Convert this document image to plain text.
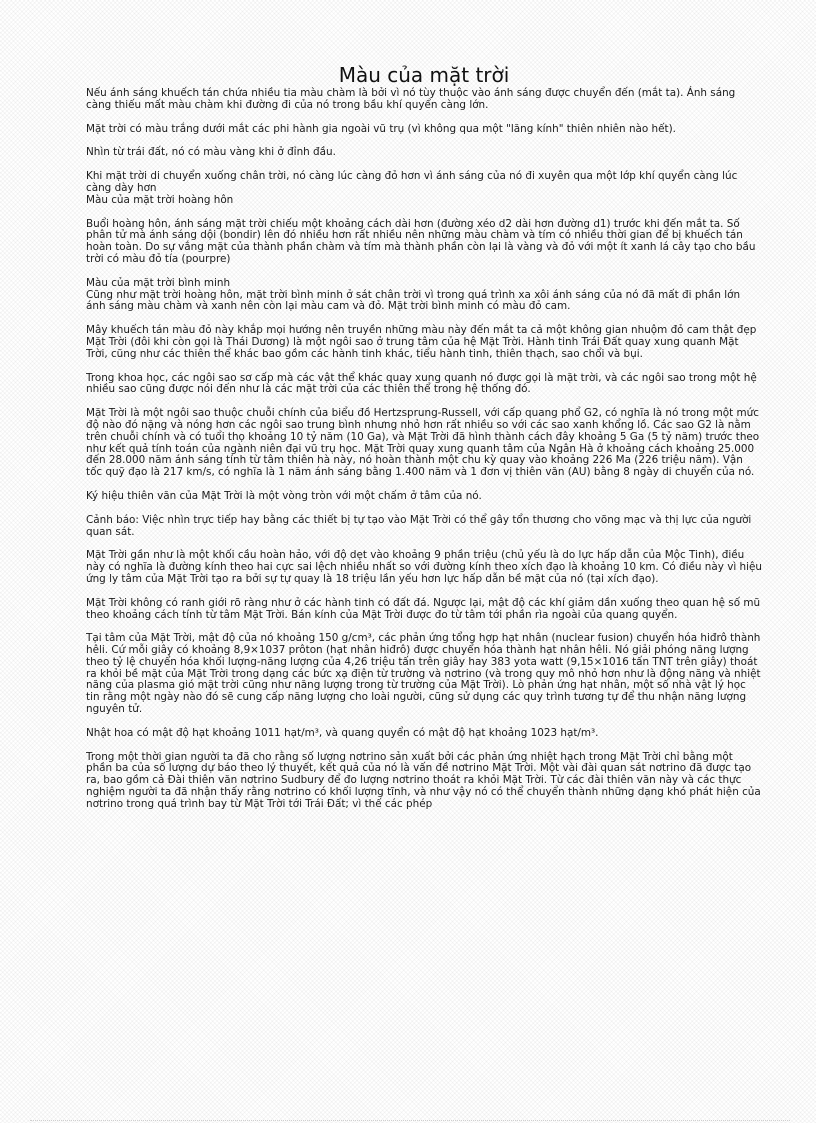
Màu của mặt trời

Nếu ánh sáng khuếch tán chứa nhiều tia màu chàm là bởi vì nó tùy thuộc vào ánh sáng được chuyển đến (mắt ta). Ánh sáng càng thiếu mất màu chàm khi đường đi của nó trong bầu khí quyển càng lớn.

Mặt trời có màu trắng dưới mắt các phi hành gia ngoài vũ trụ (vì không qua một "lăng kính" thiên nhiên nào hết).

Nhìn từ trái đất, nó có màu vàng khi ở đỉnh đầu.

Khi mặt trời di chuyển xuống chân trời, nó càng lúc càng đỏ hơn vì ánh sáng của nó đi xuyên qua một lớp khí quyển càng lúc càng dày hơn

Màu của mặt trời hoàng hôn

Buổi hoàng hôn, ánh sáng mặt trời chiếu một khoảng cách dài hơn (đường xéo d2 dài hơn đường d1) trước khi đến mắt ta. Số phân tử mà ánh sáng dội (bondir) lên đó nhiều hơn rất nhiều nên những màu chàm và tím có nhiều thời gian để bị khuếch tán hoàn toàn. Do sự vắng mặt của thành phần chàm và tím mà thành phần còn lại là vàng và đỏ với một ít xanh lá cây tạo cho bầu trời có màu đỏ tía (pourpre)

Màu của mặt trời bình minh

Cũng như mặt trời hoàng hôn, mặt trời bình minh ở sát chân trời vì trong quá trình xa xôi ánh sáng của nó đã mất đi phần lớn ánh sáng màu chàm và xanh nên còn lại màu cam và đỏ. Mặt trời bình minh có màu đỏ cam.

Mây khuếch tán màu đỏ này khắp mọi hướng nên truyền những màu này đến mắt ta cả một không gian nhuộm đỏ cam thật đẹp

Mặt Trời (đôi khi còn gọi là Thái Dương) là một ngôi sao ở trung tâm của hệ Mặt Trời. Hành tinh Trái Đất quay xung quanh Mặt Trời, cũng như các thiên thể khác bao gồm các hành tinh khác, tiểu hành tinh, thiên thạch, sao chổi và bụi.

Trong khoa học, các ngôi sao sơ cấp mà các vật thể khác quay xung quanh nó được gọi là mặt trời, và các ngôi sao trong một hệ nhiều sao cũng được nói đến như là các mặt trời của các thiên thể trong hệ thống đó.

Mặt Trời là một ngôi sao thuộc chuỗi chính của biểu đồ Hertzsprung-Russell, với cấp quang phổ G2, có nghĩa là nó trong một mức độ nào đó nặng và nóng hơn các ngôi sao trung bình nhưng nhỏ hơn rất nhiều so với các sao xanh khổng lồ. Các sao G2 là nằm trên chuỗi chính và có tuổi thọ khoảng 10 tỷ năm (10 Ga), và Mặt Trời đã hình thành cách đây khoảng 5 Ga (5 tỷ năm) trước theo như kết quả tính toán của ngành niên đại vũ trụ học. Mặt Trời quay xung quanh tâm của Ngân Hà ở khoảng cách khoảng 25.000 đến 28.000 năm ánh sáng tính từ tâm thiên hà này, nó hoàn thành một chu kỳ quay vào khoảng 226 Ma (226 triệu năm). Vận tốc quỹ đạo là 217 km/s, có nghĩa là 1 năm ánh sáng bằng 1.400 năm và 1 đơn vị thiên văn (AU) bằng 8 ngày di chuyển của nó.

Ký hiệu thiên văn của Mặt Trời là một vòng tròn với một chấm ở tâm của nó.

Cảnh báo: Việc nhìn trực tiếp hay bằng các thiết bị tự tạo vào Mặt Trời có thể gây tổn thương cho võng mạc và thị lực của người quan sát.

Mặt Trời gần như là một khối cầu hoàn hảo, với độ dẹt vào khoảng 9 phần triệu (chủ yếu là do lực hấp dẫn của Mộc Tinh), điều này có nghĩa là đường kính theo hai cực sai lệch nhiều nhất so với đường kính theo xích đạo là khoảng 10 km. Có điều này vì hiệu ứng ly tâm của Mặt Trời tạo ra bởi sự tự quay là 18 triệu lần yếu hơn lực hấp dẫn bề mặt của nó (tại xích đạo).

Mặt Trời không có ranh giới rõ ràng như ở các hành tinh có đất đá. Ngược lại, mật độ các khí giảm dần xuống theo quan hệ số mũ theo khoảng cách tính từ tâm Mặt Trời. Bán kính của Mặt Trời được đo từ tâm tới phần rìa ngoài của quang quyển.

Tại tâm của Mặt Trời, mật độ của nó khoảng 150 g/cm³, các phản ứng tổng hợp hạt nhân (nuclear fusion) chuyển hóa hiđrô thành hêli. Cứ mỗi giây có khoảng 8,9×1037 prôton (hạt nhân hiđrô) được chuyển hóa thành hạt nhân hêli. Nó giải phóng năng lượng theo tỷ lệ chuyển hóa khối lượng-năng lượng của 4,26 triệu tấn trên giây hay 383 yota watt (9,15×1016 tấn TNT trên giây) thoát ra khỏi bề mặt của Mặt Trời trong dạng các bức xạ điện từ trường và nơtrino (và trong quy mô nhỏ hơn như là động năng và nhiệt năng của plasma gió mặt trời cũng như năng lượng trong từ trường của Mặt Trời). Lò phản ứng hạt nhân, một số nhà vật lý học tin rằng một ngày nào đó sẽ cung cấp năng lượng cho loài người, cũng sử dụng các quy trình tương tự để thu nhận năng lượng nguyên tử.

Nhật hoa có mật độ hạt khoảng 1011 hạt/m³, và quang quyển có mật độ hạt khoảng 1023 hạt/m³.

Trong một thời gian người ta đã cho rằng số lượng nơtrino sản xuất bởi các phản ứng nhiệt hạch trong Mặt Trời chỉ bằng một phần ba của số lượng dự báo theo lý thuyết, kết quả của nó là vấn đề nơtrino Mặt Trời. Một vài đài quan sát nơtrino đã được tạo ra, bao gồm cả Đài thiên văn nơtrino Sudbury để đo lượng nơtrino thoát ra khỏi Mặt Trời. Từ các đài thiên văn này và các thực nghiệm người ta đã nhận thấy rằng nơtrino có khối lượng tĩnh, và như vậy nó có thể chuyển thành những dạng khó phát hiện của nơtrino trong quá trình bay từ Mặt Trời tới Trái Đất; vì thế các phép
